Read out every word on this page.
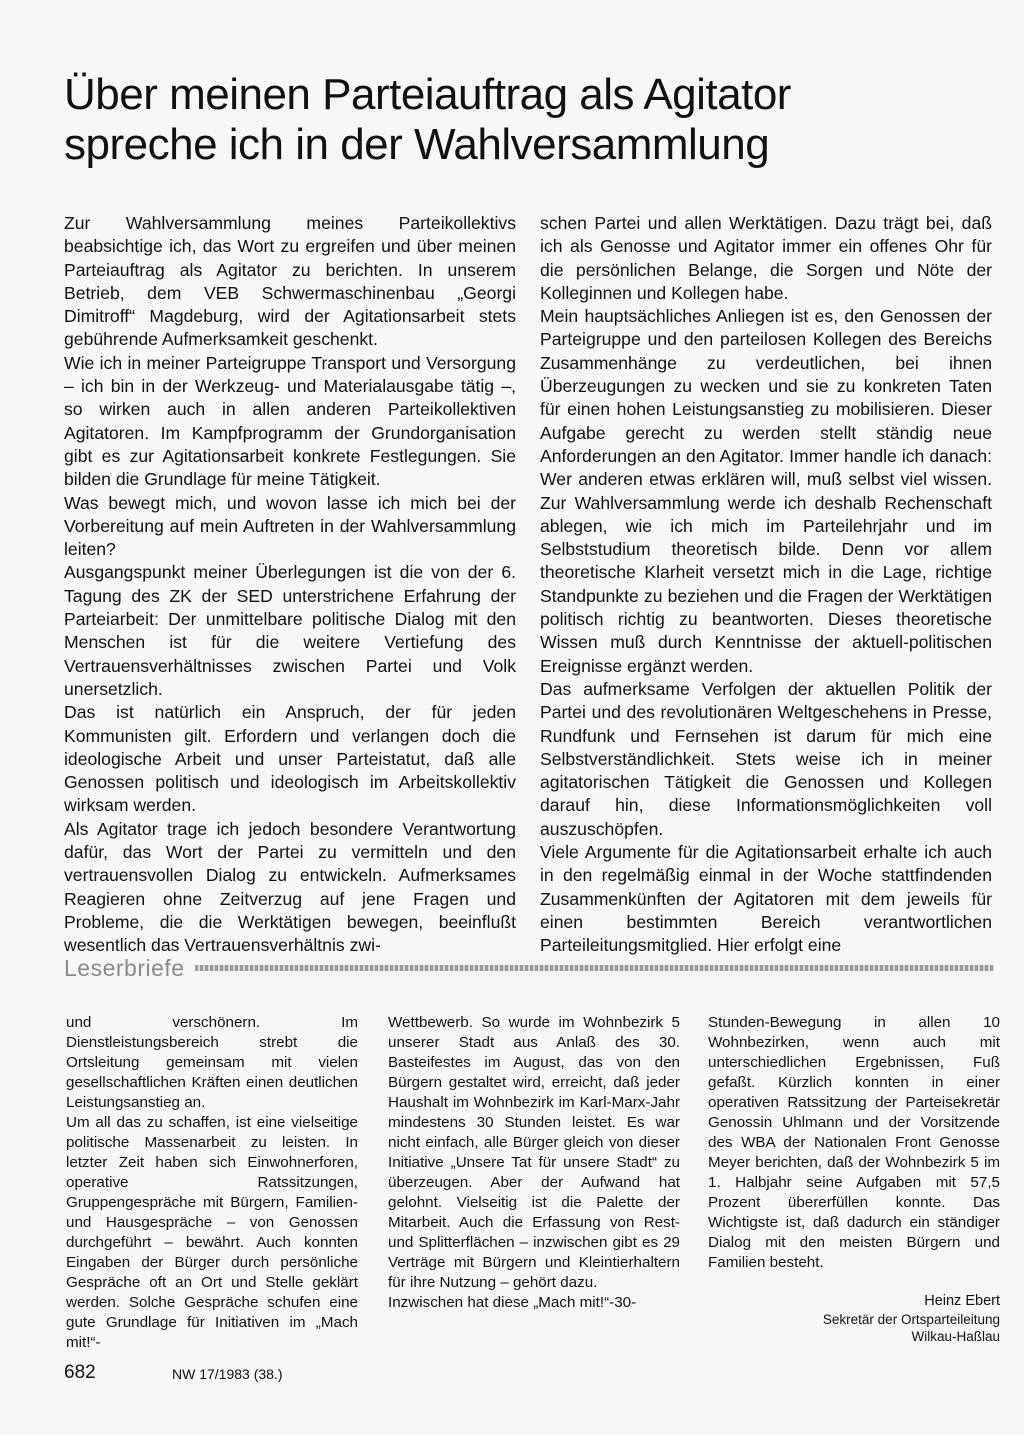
Über meinen Parteiauftrag als Agitator
spreche ich in der Wahlversammlung

Zur Wahlversammlung meines Parteikollektivs beabsichtige ich, das Wort zu ergreifen und über meinen Parteiauftrag als Agitator zu berichten. In unserem Betrieb, dem VEB Schwermaschinenbau „Georgi Dimitroff“ Magdeburg, wird der Agitationsarbeit stets gebührende Aufmerksamkeit geschenkt.

Wie ich in meiner Parteigruppe Transport und Versorgung – ich bin in der Werkzeug- und Materialausgabe tätig –, so wirken auch in allen anderen Parteikollektiven Agitatoren. Im Kampfprogramm der Grundorganisation gibt es zur Agitationsarbeit konkrete Festlegungen. Sie bilden die Grundlage für meine Tätigkeit.

Was bewegt mich, und wovon lasse ich mich bei der Vorbereitung auf mein Auftreten in der Wahlversammlung leiten?

Ausgangspunkt meiner Überlegungen ist die von der 6. Tagung des ZK der SED unterstrichene Erfahrung der Parteiarbeit: Der unmittelbare politische Dialog mit den Menschen ist für die weitere Vertiefung des Vertrauensverhältnisses zwischen Partei und Volk unersetzlich.

Das ist natürlich ein Anspruch, der für jeden Kommunisten gilt. Erfordern und verlangen doch die ideologische Arbeit und unser Parteistatut, daß alle Genossen politisch und ideologisch im Arbeitskollektiv wirksam werden.

Als Agitator trage ich jedoch besondere Verantwortung dafür, das Wort der Partei zu vermitteln und den vertrauensvollen Dialog zu entwickeln. Aufmerksames Reagieren ohne Zeitverzug auf jene Fragen und Probleme, die die Werktätigen bewegen, beeinflußt wesentlich das Vertrauensverhältnis zwi-

schen Partei und allen Werktätigen. Dazu trägt bei, daß ich als Genosse und Agitator immer ein offenes Ohr für die persönlichen Belange, die Sorgen und Nöte der Kolleginnen und Kollegen habe.

Mein hauptsächliches Anliegen ist es, den Genossen der Parteigruppe und den parteilosen Kollegen des Bereichs Zusammenhänge zu verdeutlichen, bei ihnen Überzeugungen zu wecken und sie zu konkreten Taten für einen hohen Leistungsanstieg zu mobilisieren. Dieser Aufgabe gerecht zu werden stellt ständig neue Anforderungen an den Agitator. Immer handle ich danach: Wer anderen etwas erklären will, muß selbst viel wissen. Zur Wahlversammlung werde ich deshalb Rechenschaft ablegen, wie ich mich im Parteilehrjahr und im Selbststudium theoretisch bilde. Denn vor allem theoretische Klarheit versetzt mich in die Lage, richtige Standpunkte zu beziehen und die Fragen der Werktätigen politisch richtig zu beantworten. Dieses theoretische Wissen muß durch Kenntnisse der aktuell-politischen Ereignisse ergänzt werden.

Das aufmerksame Verfolgen der aktuellen Politik der Partei und des revolutionären Weltgeschehens in Presse, Rundfunk und Fernsehen ist darum für mich eine Selbstverständlichkeit. Stets weise ich in meiner agitatorischen Tätigkeit die Genossen und Kollegen darauf hin, diese Informationsmöglichkeiten voll auszuschöpfen.

Viele Argumente für die Agitationsarbeit erhalte ich auch in den regelmäßig einmal in der Woche stattfindenden Zusammenkünften der Agitatoren mit dem jeweils für einen bestimmten Bereich verantwortlichen Parteileitungsmitglied. Hier erfolgt eine

Leserbriefe

und verschönern. Im Dienstleistungsbereich strebt die Ortsleitung gemeinsam mit vielen gesellschaftlichen Kräften einen deutlichen Leistungsanstieg an.

Um all das zu schaffen, ist eine vielseitige politische Massenarbeit zu leisten. In letzter Zeit haben sich Einwohnerforen, operative Ratssitzungen, Gruppengespräche mit Bürgern, Familien- und Hausgespräche – von Genossen durchgeführt – bewährt. Auch konnten Eingaben der Bürger durch persönliche Gespräche oft an Ort und Stelle geklärt werden. Solche Gespräche schufen eine gute Grundlage für Initiativen im „Mach mit!“-

Wettbewerb. So wurde im Wohnbezirk 5 unserer Stadt aus Anlaß des 30. Basteifestes im August, das von den Bürgern gestaltet wird, erreicht, daß jeder Haushalt im Wohnbezirk im Karl-Marx-Jahr mindestens 30 Stunden leistet. Es war nicht einfach, alle Bürger gleich von dieser Initiative „Unsere Tat für unsere Stadt“ zu überzeugen. Aber der Aufwand hat gelohnt. Vielseitig ist die Palette der Mitarbeit. Auch die Erfassung von Rest- und Splitterflächen – inzwischen gibt es 29 Verträge mit Bürgern und Kleintierhaltern für ihre Nutzung – gehört dazu.

Inzwischen hat diese „Mach mit!“-30-

Stunden-Bewegung in allen 10 Wohnbezirken, wenn auch mit unterschiedlichen Ergebnissen, Fuß gefaßt. Kürzlich konnten in einer operativen Ratssitzung der Parteisekretär Genossin Uhlmann und der Vorsitzende des WBA der Nationalen Front Genosse Meyer berichten, daß der Wohnbezirk 5 im 1. Halbjahr seine Aufgaben mit 57,5 Prozent übererfüllen konnte. Das Wichtigste ist, daß dadurch ein ständiger Dialog mit den meisten Bürgern und Familien besteht.

Heinz Ebert
Sekretär der Ortsparteileitung
Wilkau-Haßlau
682	NW 17/1983 (38.)
